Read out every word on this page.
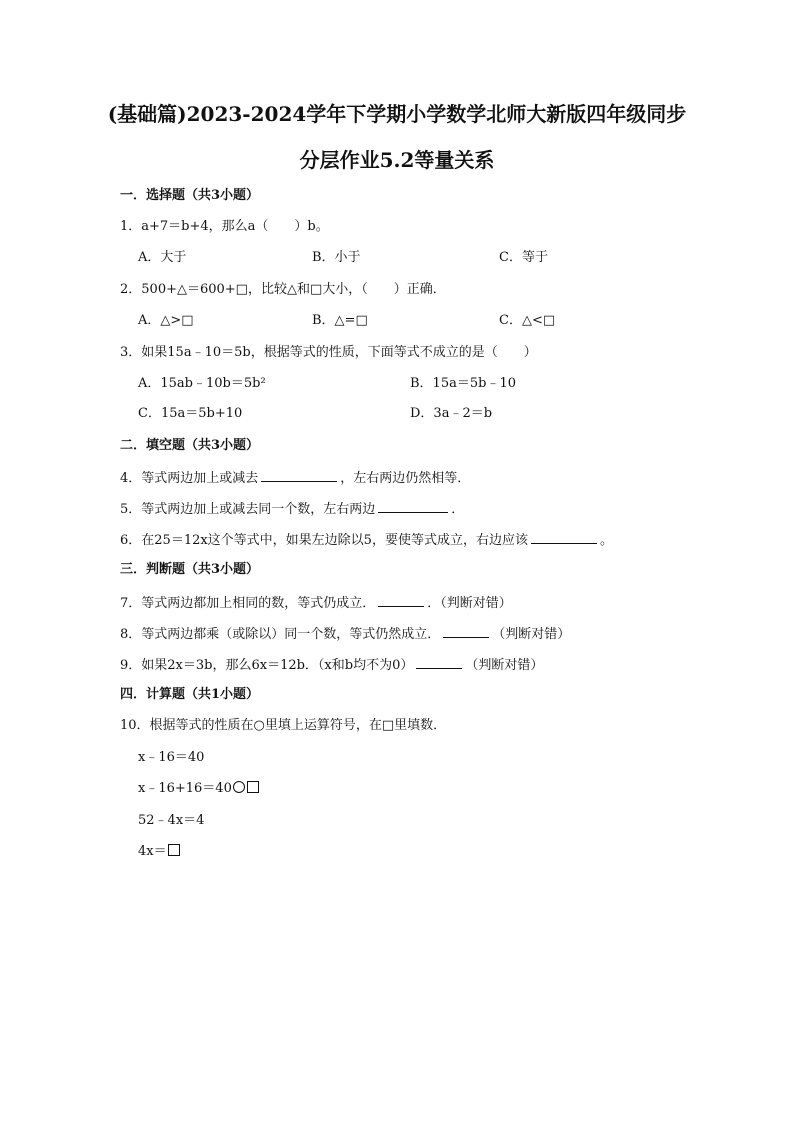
(基础篇)2023-2024学年下学期小学数学北师大新版四年级同步
分层作业5.2等量关系
一．选择题（共3小题）
1．a+7＝b+4，那么a（　　）b。
A．大于	B．小于	C．等于
2．500+△＝600+□，比较△和□大小，（　　）正确．
A．△>□	B．△=□	C．△<□
3．如果15a﹣10＝5b，根据等式的性质，下面等式不成立的是（　　）
A．15ab﹣10b＝5b²	B．15a＝5b﹣10
C．15a＝5b+10	D．3a﹣2＝b
二．填空题（共3小题）
4．等式两边加上或减去	，左右两边仍然相等．
5．等式两边加上或减去同一个数，左右两边	．
6．在25＝12x这个等式中，如果左边除以5，要使等式成立，右边应该	。
三．判断题（共3小题）
7．等式两边都加上相同的数，等式仍成立．	．（判断对错）
8．等式两边都乘（或除以）同一个数，等式仍然成立．	（判断对错）
9．如果2x＝3b，那么6x＝12b．（x和b均不为0）	（判断对错）
四．计算题（共1小题）
10．根据等式的性质在○里填上运算符号，在□里填数．
x﹣16＝40
x﹣16+16＝40
52﹣4x＝4
4x＝
